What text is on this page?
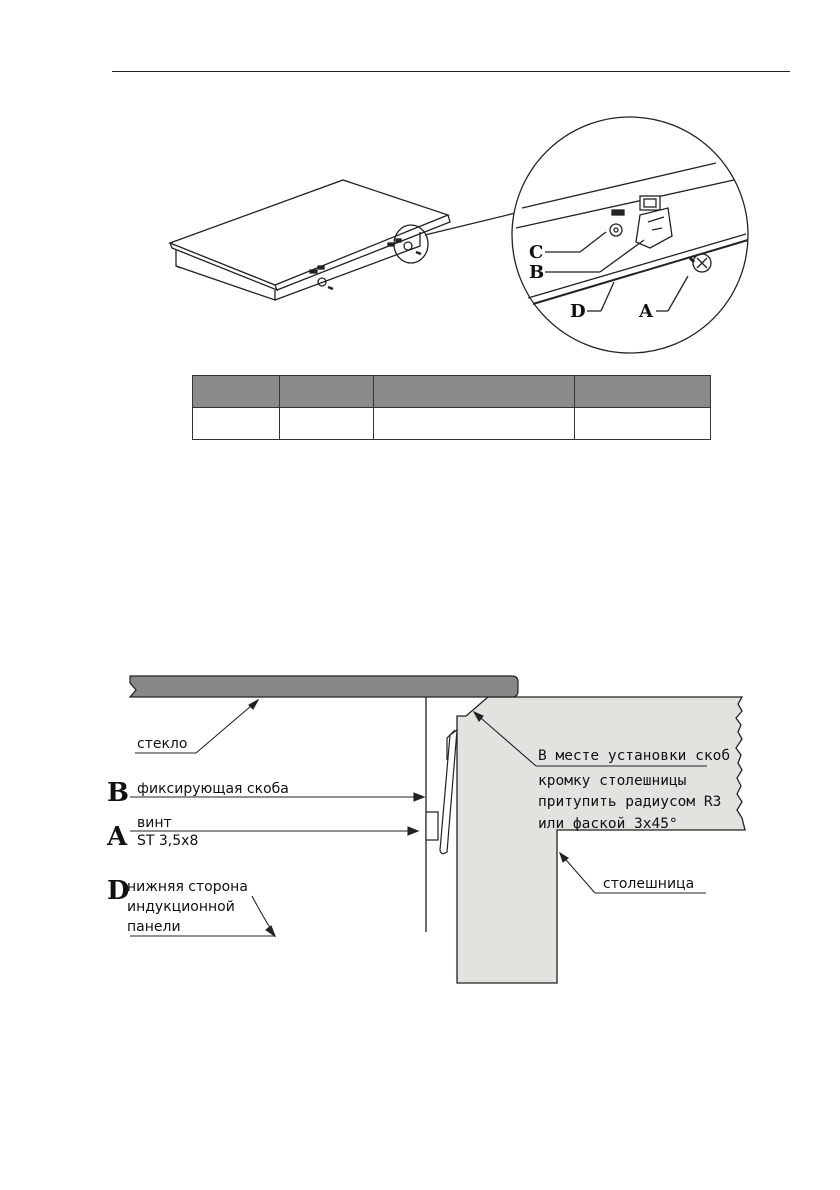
C
B
D	A

стекло
B фиксирующая скоба
A винт
ST 3,5x8
D
нижняя сторона
индукционной
панели
В месте установки скоб
кромку столешницы
притупить радиусом R3
или фаской 3x45°
столешница
